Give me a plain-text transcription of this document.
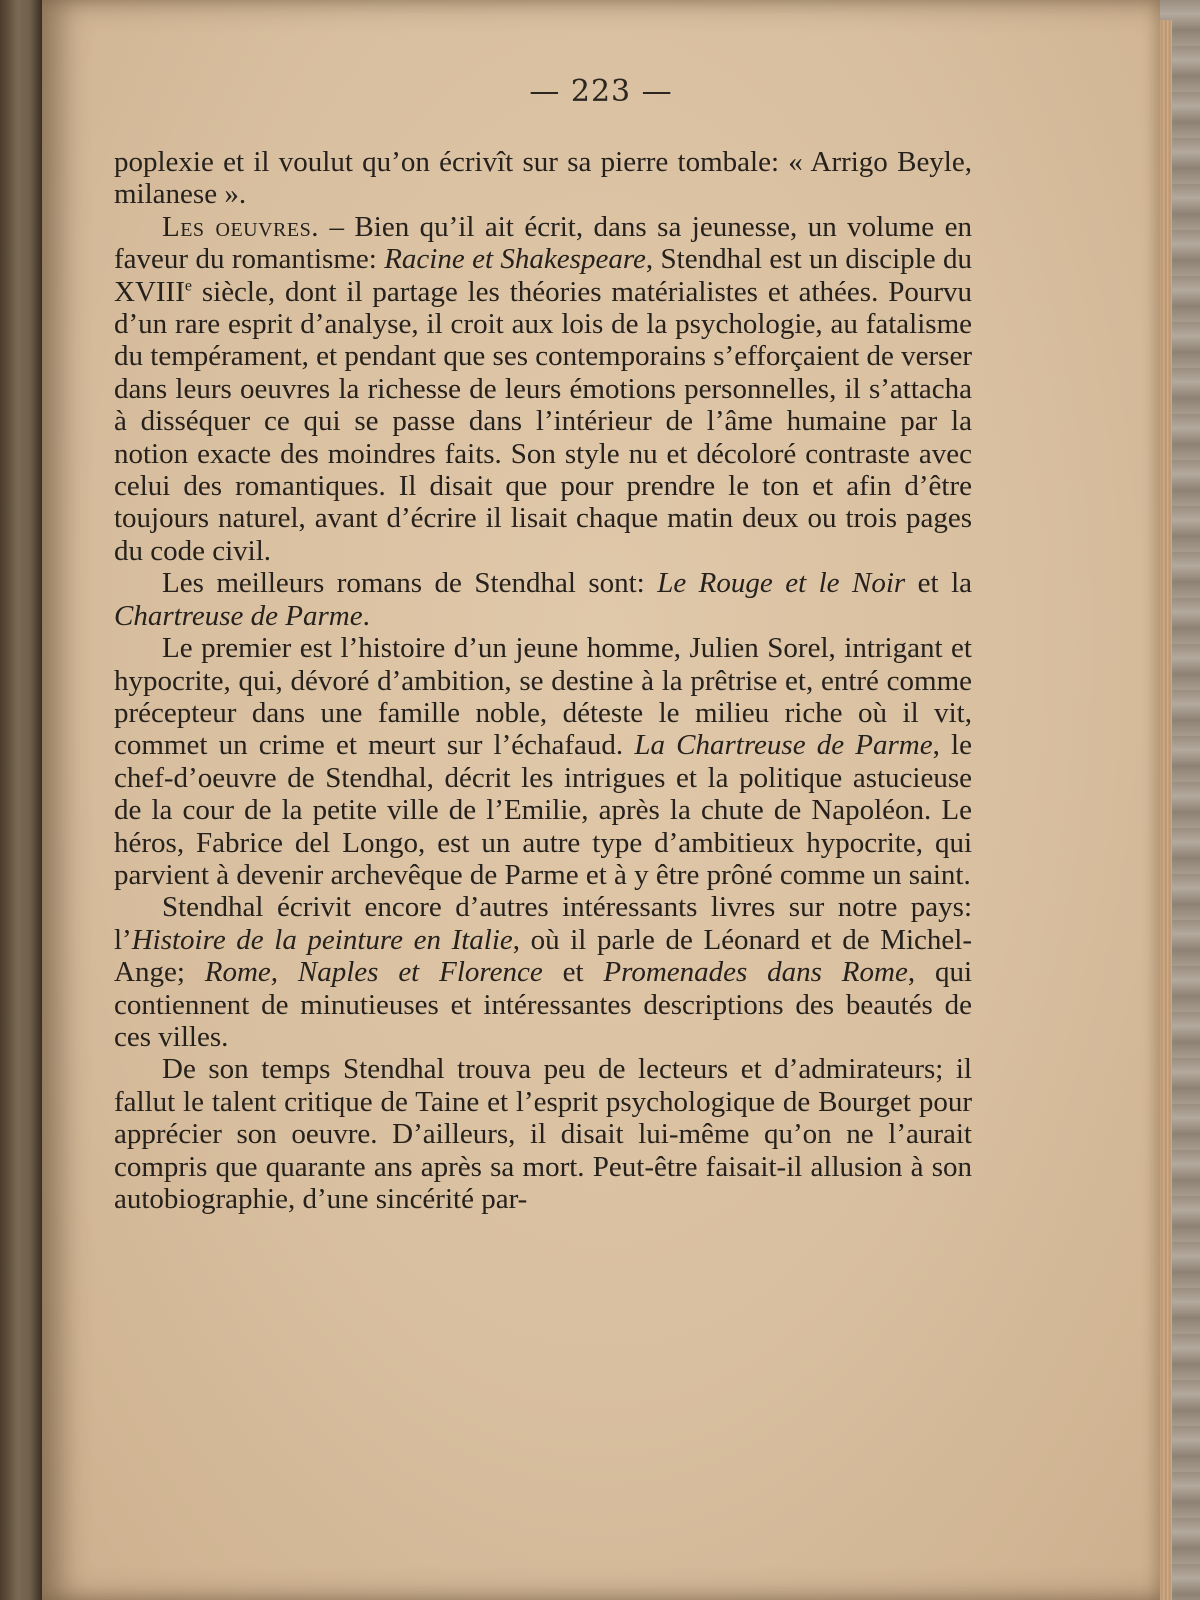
— 223 —

poplexie et il voulut qu’on écrivît sur sa pierre tombale: « Arrigo Beyle, milanese ».

Les oeuvres. – Bien qu’il ait écrit, dans sa jeunesse, un volume en faveur du romantisme: Racine et Shakespeare, Stendhal est un disciple du XVIIIe siècle, dont il partage les théories matérialistes et athées. Pourvu d’un rare esprit d’analyse, il croit aux lois de la psychologie, au fatalisme du tempérament, et pendant que ses contemporains s’efforçaient de verser dans leurs oeuvres la richesse de leurs émotions personnelles, il s’attacha à disséquer ce qui se passe dans l’intérieur de l’âme humaine par la notion exacte des moindres faits. Son style nu et décoloré contraste avec celui des romantiques. Il disait que pour prendre le ton et afin d’être toujours naturel, avant d’écrire il lisait chaque matin deux ou trois pages du code civil.

Les meilleurs romans de Stendhal sont: Le Rouge et le Noir et la Chartreuse de Parme.

Le premier est l’histoire d’un jeune homme, Julien Sorel, intrigant et hypocrite, qui, dévoré d’ambition, se destine à la prêtrise et, entré comme précepteur dans une famille noble, déteste le milieu riche où il vit, commet un crime et meurt sur l’échafaud. La Chartreuse de Parme, le chef-d’oeuvre de Stendhal, décrit les intrigues et la politique astucieuse de la cour de la petite ville de l’Emilie, après la chute de Napoléon. Le héros, Fabrice del Longo, est un autre type d’ambitieux hypocrite, qui parvient à devenir archevêque de Parme et à y être prôné comme un saint.

Stendhal écrivit encore d’autres intéressants livres sur notre pays: l’Histoire de la peinture en Italie, où il parle de Léonard et de Michel-Ange; Rome, Naples et Florence et Promenades dans Rome, qui contiennent de minutieuses et intéressantes descriptions des beautés de ces villes.

De son temps Stendhal trouva peu de lecteurs et d’admirateurs; il fallut le talent critique de Taine et l’esprit psychologique de Bourget pour apprécier son oeuvre. D’ailleurs, il disait lui-même qu’on ne l’aurait compris que quarante ans après sa mort. Peut-être faisait-il allusion à son autobiographie, d’une sincérité par-
